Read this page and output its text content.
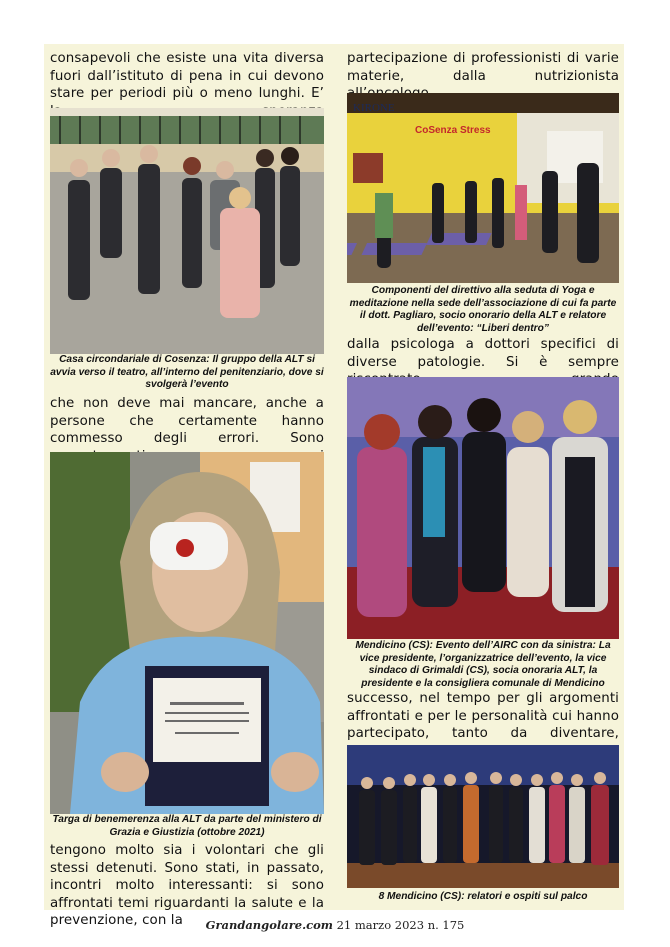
consapevoli che esiste una vita diversa fuori dall’istituto di pena in cui devono stare per periodi più o meno lunghi. E’

Casa circondariale di Cosenza: Il gruppo della ALT si avvia verso il teatro, all’interno del penitenziario, dove si svolgerà l’evento

che non deve mai mancare, anche a persone che certamente hanno commesso degli errori. Sono

Targa di benemerenza alla ALT da parte del ministero di Grazia e Giustizia (ottobre 2021)

tengono molto sia i volontari che gli stessi detenuti. Sono stati, in passato, incontri molto interessanti: si sono affrontati temi riguardanti la salute e la prevenzione, con la

partecipazione di professionisti di varie materie, dalla nutrizionista

KIRONE
CoSenza Stress

Componenti del direttivo alla seduta di Yoga e meditazione nella sede dell’associazione di cui fa parte il dott. Pagliaro, socio onorario della ALT e relatore dell’evento: “Liberi dentro”

dalla psicologa a dottori specifici di diverse patologie. Si è sempre

Mendicino (CS): Evento dell’AIRC con da sinistra: La vice presidente, l’organizzatrice dell’evento, la vice sindaco di Grimaldi (CS), socia onoraria ALT, la presidente e la consigliera comunale di Mendicino

successo, nel tempo per gli argomenti affrontati e per le personalità cui hanno partecipato, tanto da diventare,

8 Mendicino (CS): relatori e ospiti sul palco

Grandangolare.com 21 marzo 2023 n. 175
